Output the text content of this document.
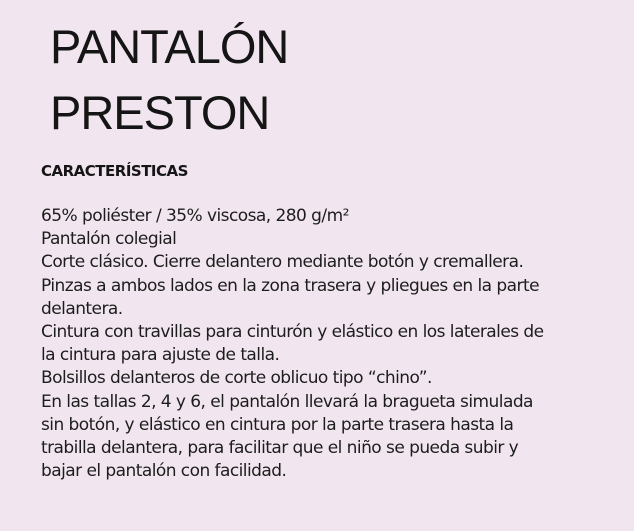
PANTALÓN
PRESTON
CARACTERÍSTICAS
65% poliéster / 35% viscosa, 280 g/m²
Pantalón colegial
Corte clásico. Cierre delantero mediante botón y cremallera.
Pinzas a ambos lados en la zona trasera y pliegues en la parte
delantera.
Cintura con travillas para cinturón y elástico en los laterales de
la cintura para ajuste de talla.
Bolsillos delanteros de corte oblicuo tipo “chino”.
En las tallas 2, 4 y 6, el pantalón llevará la bragueta simulada
sin botón, y elástico en cintura por la parte trasera hasta la
trabilla delantera, para facilitar que el niño se pueda subir y
bajar el pantalón con facilidad.
